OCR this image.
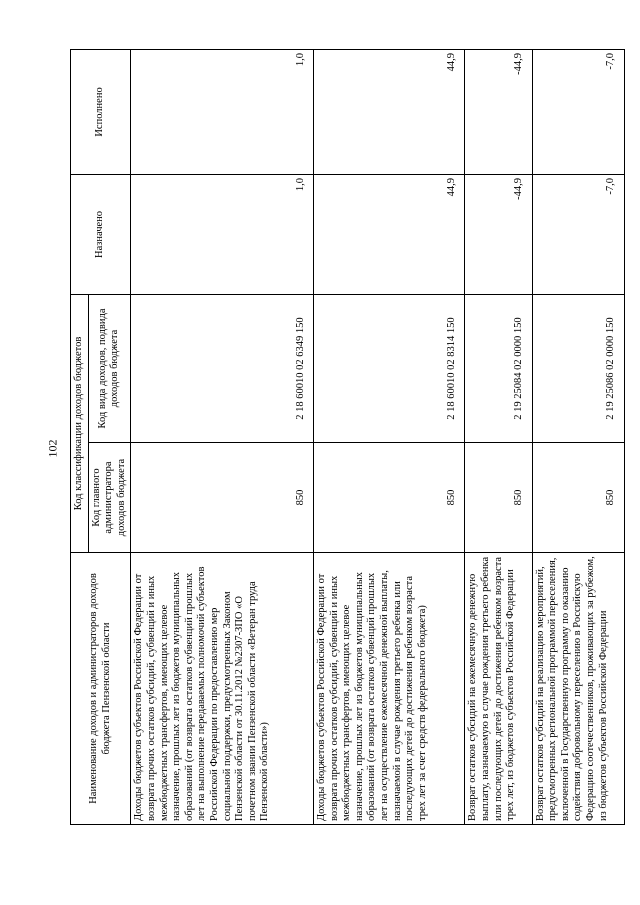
102
Наименование доходов и администраторов доходов бюджета Пензенской области	Код классификации доходов бюджетов		Назначено	Исполнено
	Код главного администратора доходов бюджета	Код вида доходов, подвида доходов бюджета		
Доходы бюджетов субъектов Российской Федерации от возврата прочих остатков субсидий, субвенций и иных межбюджетных трансфертов, имеющих целевое назначение, прошлых лет из бюджетов муниципальных образований (от возврата остатков субвенций прошлых лет на выполнение передаваемых полномочий субъектов Российской Федерации по предоставлению мер социальной поддержки, предусмотренных Законом Пензенской области от 30.11.2012 №2307-ЗПО «О почетном звании Пензенской области «Ветеран труда Пензенской области»)	850	2 18 60010 02 6349 150	1,0	1,0
Доходы бюджетов субъектов Российской Федерации от возврата прочих остатков субсидий, субвенций и иных межбюджетных трансфертов, имеющих целевое назначение, прошлых лет из бюджетов муниципальных образований (от возврата остатков субвенций прошлых лет на осуществление ежемесячной денежной выплаты, назначаемой в случае рождения третьего ребенка или последующих детей до достижения ребенком возраста трех лет за счет средств федерального бюджета)	850	2 18 60010 02 8314 150	44,9	44,9
Возврат остатков субсидий на ежемесячную денежную выплату, назначаемую в случае рождения третьего ребенка или последующих детей до достижения ребенком возраста трех лет, из бюджетов субъектов Российской Федерации	850	2 19 25084 02 0000 150	-44,9	-44,9
Возврат остатков субсидий на реализацию мероприятий, предусмотренных региональной программой переселения, включенной в Государственную программу по оказанию содействия добровольному переселению в Российскую Федерацию соотечественников, проживающих за рубежом, из бюджетов субъектов Российской Федерации	850	2 19 25086 02 0000 150	-7,0	-7,0
